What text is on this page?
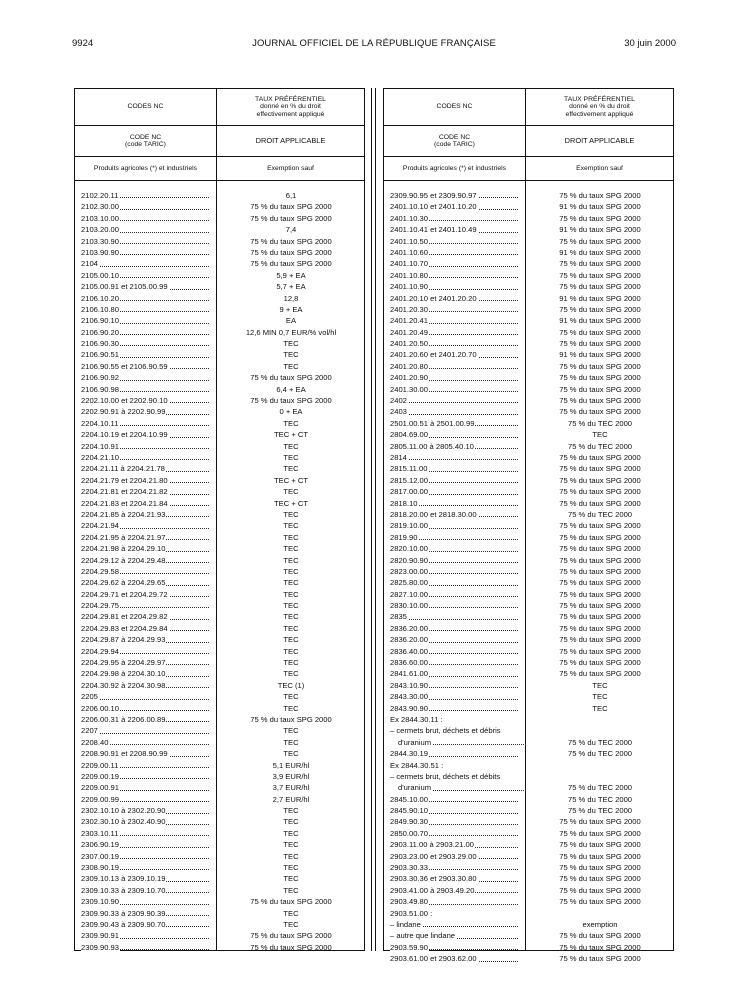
9924	JOURNAL OFFICIEL DE LA RÉPUBLIQUE FRANÇAISE	30 juin 2000
CODES NC
TAUX PRÉFÉRENTIEL
donné en % du droit
effectivement appliqué
CODE NC
(code TARIC)	DROIT APPLICABLE
Produits agricoles (*) et industriels	Exemption sauf
2102.20.11	6,1
2102.30.00	75 % du taux SPG 2000
2103.10.00	75 % du taux SPG 2000
2103.20.00	7,4
2103.30.90	75 % du taux SPG 2000
2103.90.90	75 % du taux SPG 2000
2104	75 % du taux SPG 2000
2105.00.10	5,9 + EA
2105.00.91 et 2105.00.99	5,7 + EA
2106.10.20	12,8
2106.10.80	9 + EA
2106.90.10	EA
2106.90.20	12,6 MIN 0,7 EUR/% vol/hl
2106.90.30	TEC
2106.90.51	TEC
2106.90.55 et 2106.90.59	TEC
2106.90.92	75 % du taux SPG 2000
2106.90.98	6,4 + EA
2202.10.00 et 2202.90.10	75 % du taux SPG 2000
2202.90.91 à 2202.90.99	0 + EA
2204.10.11	TEC
2204.10.19 et 2204.10.99	TEC + CT
2204.10.91	TEC
2204.21.10	TEC
2204.21.11 à 2204.21.78	TEC
2204.21.79 et 2204.21.80	TEC + CT
2204.21.81 et 2204.21.82	TEC
2204.21.83 et 2204.21.84	TEC + CT
2204.21.85 à 2204.21.93	TEC
2204.21.94	TEC
2204.21.95 à 2204.21.97	TEC
2204.21.98 à 2204.29.10	TEC
2204.29.12 à 2204.29.48	TEC
2204.29.58	TEC
2204.29.62 à 2204.29.65	TEC
2204.29.71 et 2204.29.72	TEC
2204.29.75	TEC
2204.29.81 et 2204.29.82	TEC
2204.29.83 et 2204.29.84	TEC
2204.29.87 à 2204.29.93	TEC
2204.29.94	TEC
2204.29.95 à 2204.29.97	TEC
2204.29.98 à 2204.30.10	TEC
2204.30.92 à 2204.30.98	TEC (1)
2205	TEC
2206.00.10	TEC
2206.00.31 à 2206.00.89	75 % du taux SPG 2000
2207	TEC
2208.40	TEC
2208.90.91 et 2208.90.99	TEC
2209.00.11	5,1 EUR/hl
2209.00.19	3,9 EUR/hl
2209.00.91	3,7 EUR/hl
2209.00.99	2,7 EUR/hl
2302.10.10 à 2302.20.90	TEC
2302.30.10 à 2302.40.90	TEC
2303.10.11	TEC
2306.90.19	TEC
2307.00.19	TEC
2308.90.19	TEC
2309.10.13 à 2309.10.19	TEC
2309.10.33 à 2309.10.70	TEC
2309.10.90	75 % du taux SPG 2000
2309.90.33 à 2309.90.39	TEC
2309.90.43 à 2309.90.70	TEC
2309.90.91	75 % du taux SPG 2000
2309.90.93	75 % du taux SPG 2000
CODES NC
TAUX PRÉFÉRENTIEL
donné en % du droit
effectivement appliqué
CODE NC
(code TARIC)	DROIT APPLICABLE
Produits agricoles (*) et industriels	Exemption sauf
2309.90.95 et 2309.90.97	75 % du taux SPG 2000
2401.10.10 et 2401.10.20	91 % du taux SPG 2000
2401.10.30	75 % du taux SPG 2000
2401.10.41 et 2401.10.49	91 % du taux SPG 2000
2401.10.50	75 % du taux SPG 2000
2401.10.60	91 % du taux SPG 2000
2401.10.70	75 % du taux SPG 2000
2401.10.80	75 % du taux SPG 2000
2401.10.90	75 % du taux SPG 2000
2401.20.10 et 2401.20.20	91 % du taux SPG 2000
2401.20.30	75 % du taux SPG 2000
2401.20.41	91 % du taux SPG 2000
2401.20.49	75 % du taux SPG 2000
2401.20.50	75 % du taux SPG 2000
2401.20.60 et 2401.20.70	91 % du taux SPG 2000
2401.20.80	75 % du taux SPG 2000
2401.20.90	75 % du taux SPG 2000
2401.30.00	75 % du taux SPG 2000
2402	75 % du taux SPG 2000
2403	75 % du taux SPG 2000
2501.00.51 à 2501.00.99	75 % du TEC 2000
2804.69.00	TEC
2805.11.00 à 2805.40.10	75 % du TEC 2000
2814	75 % du taux SPG 2000
2815.11.00	75 % du taux SPG 2000
2815.12.00	75 % du taux SPG 2000
2817.00.00	75 % du taux SPG 2000
2818.10	75 % du taux SPG 2000
2818.20.00 et 2818.30.00	75 % du TEC 2000
2819.10.00	75 % du taux SPG 2000
2819.90	75 % du taux SPG 2000
2820.10.00	75 % du taux SPG 2000
2820.90.90	75 % du taux SPG 2000
2823.00.00	75 % du taux SPG 2000
2825.80.00	75 % du taux SPG 2000
2827.10.00	75 % du taux SPG 2000
2830.10.00	75 % du taux SPG 2000
2835	75 % du taux SPG 2000
2836.20.00	75 % du taux SPG 2000
2836.20.00	75 % du taux SPG 2000
2836.40.00	75 % du taux SPG 2000
2836.60.00	75 % du taux SPG 2000
2841.61.00	75 % du taux SPG 2000
2843.10.90	TEC
2843.30.00	TEC
2843.90.90	TEC
Ex 2844.30.11 :
– cermets brut, déchets et débris
d'uranium	75 % du TEC 2000
2844.30.19	75 % du TEC 2000
Ex 2844.30.51 :
– cermets brut, déchets et débits
d'uranium	75 % du TEC 2000
2845.10.00	75 % du TEC 2000
2845.90.10	75 % du TEC 2000
2849.90.30	75 % du taux SPG 2000
2850.00.70	75 % du taux SPG 2000
2903.11.00 à 2903.21.00	75 % du taux SPG 2000
2903.23.00 et 2903.29.00	75 % du taux SPG 2000
2903.30.33	75 % du taux SPG 2000
2903.30.36 et 2903.30.80	75 % du taux SPG 2000
2903.41.00 à 2903.49.20	75 % du taux SPG 2000
2903.49.80	75 % du taux SPG 2000
2903.51.00 :
– lindane	exemption
– autre que lindane	75 % du taux SPG 2000
2903.59.90	75 % du taux SPG 2000
2903.61.00 et 2903.62.00	75 % du taux SPG 2000
